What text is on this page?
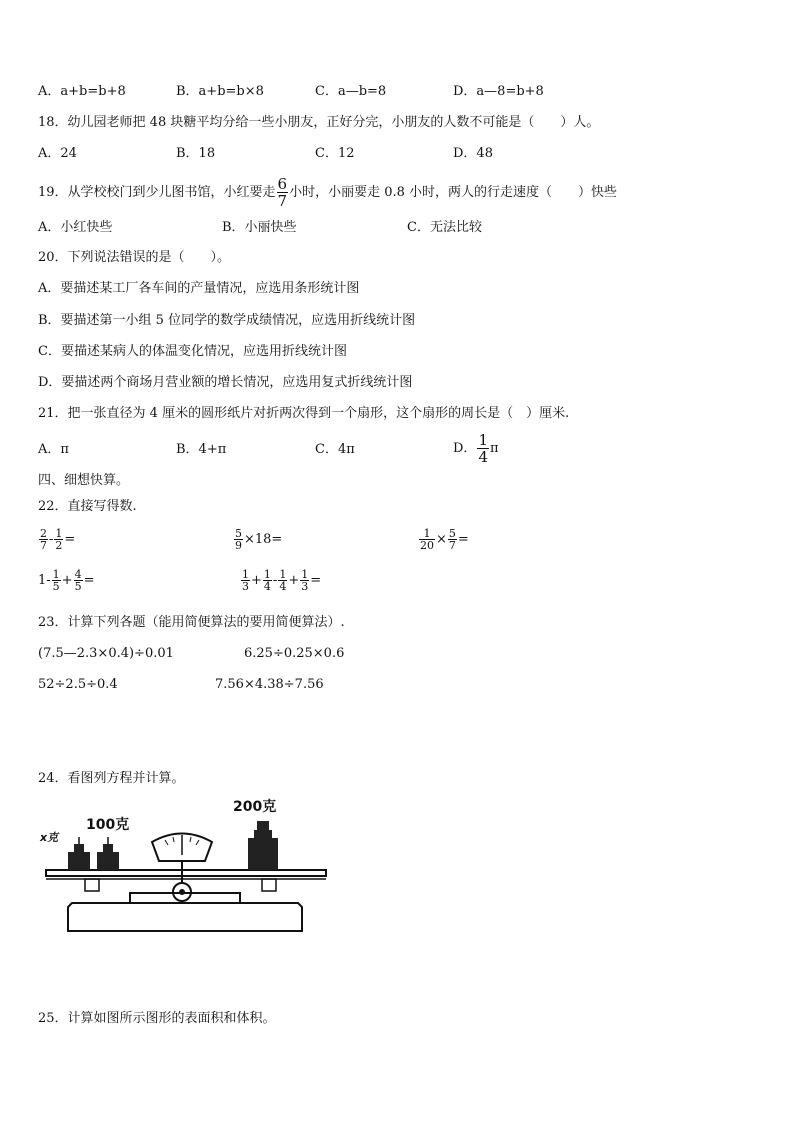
A．a+b=b+8	B．a+b=b×8	C．a—b=8	D．a—8=b+8
18．幼儿园老师把 48 块糖平均分给一些小朋友，正好分完，小朋友的人数不可能是（　　）人。
A．24	B．18	C．12	D．48
19．从学校校门到少儿图书馆，小红要走 $\frac{6}{7}$ 小时，小丽要走 0.8 小时，两人的行走速度（　　）快些
A．小红快些	B．小丽快些	C．无法比较
20．下列说法错误的是（　　）。
A．要描述某工厂各车间的产量情况，应选用条形统计图
B．要描述第一小组 5 位同学的数学成绩情况，应选用折线统计图
C．要描述某病人的体温变化情况，应选用折线统计图
D．要描述两个商场月营业额的增长情况，应选用复式折线统计图
21．把一张直径为 4 厘米的圆形纸片对折两次得到一个扇形，这个扇形的周长是（　）厘米.
A．π	B．4+π	C．4π	D． $\frac{1}{4}$ π
四、细想快算。
22．直接写得数.
$\frac{2}{7} - \frac{1}{2}$ =	$\frac{5}{9} \times 18=$	$\frac{1}{20} \times \frac{5}{7}$ =
$1- \frac{1}{5} + \frac{4}{5}$ =	$\frac{1}{3} + \frac{1}{4} - \frac{1}{4} + \frac{1}{3}$ =
23．计算下列各题（能用简便算法的要用简便算法）.
(7.5—2.3×0.4)÷0.01	6.25÷0.25×0.6
52÷2.5÷0.4	7.56×4.38÷7.56
24．看图列方程并计算。
x克
100克
200克
25．计算如图所示图形的表面积和体积。
